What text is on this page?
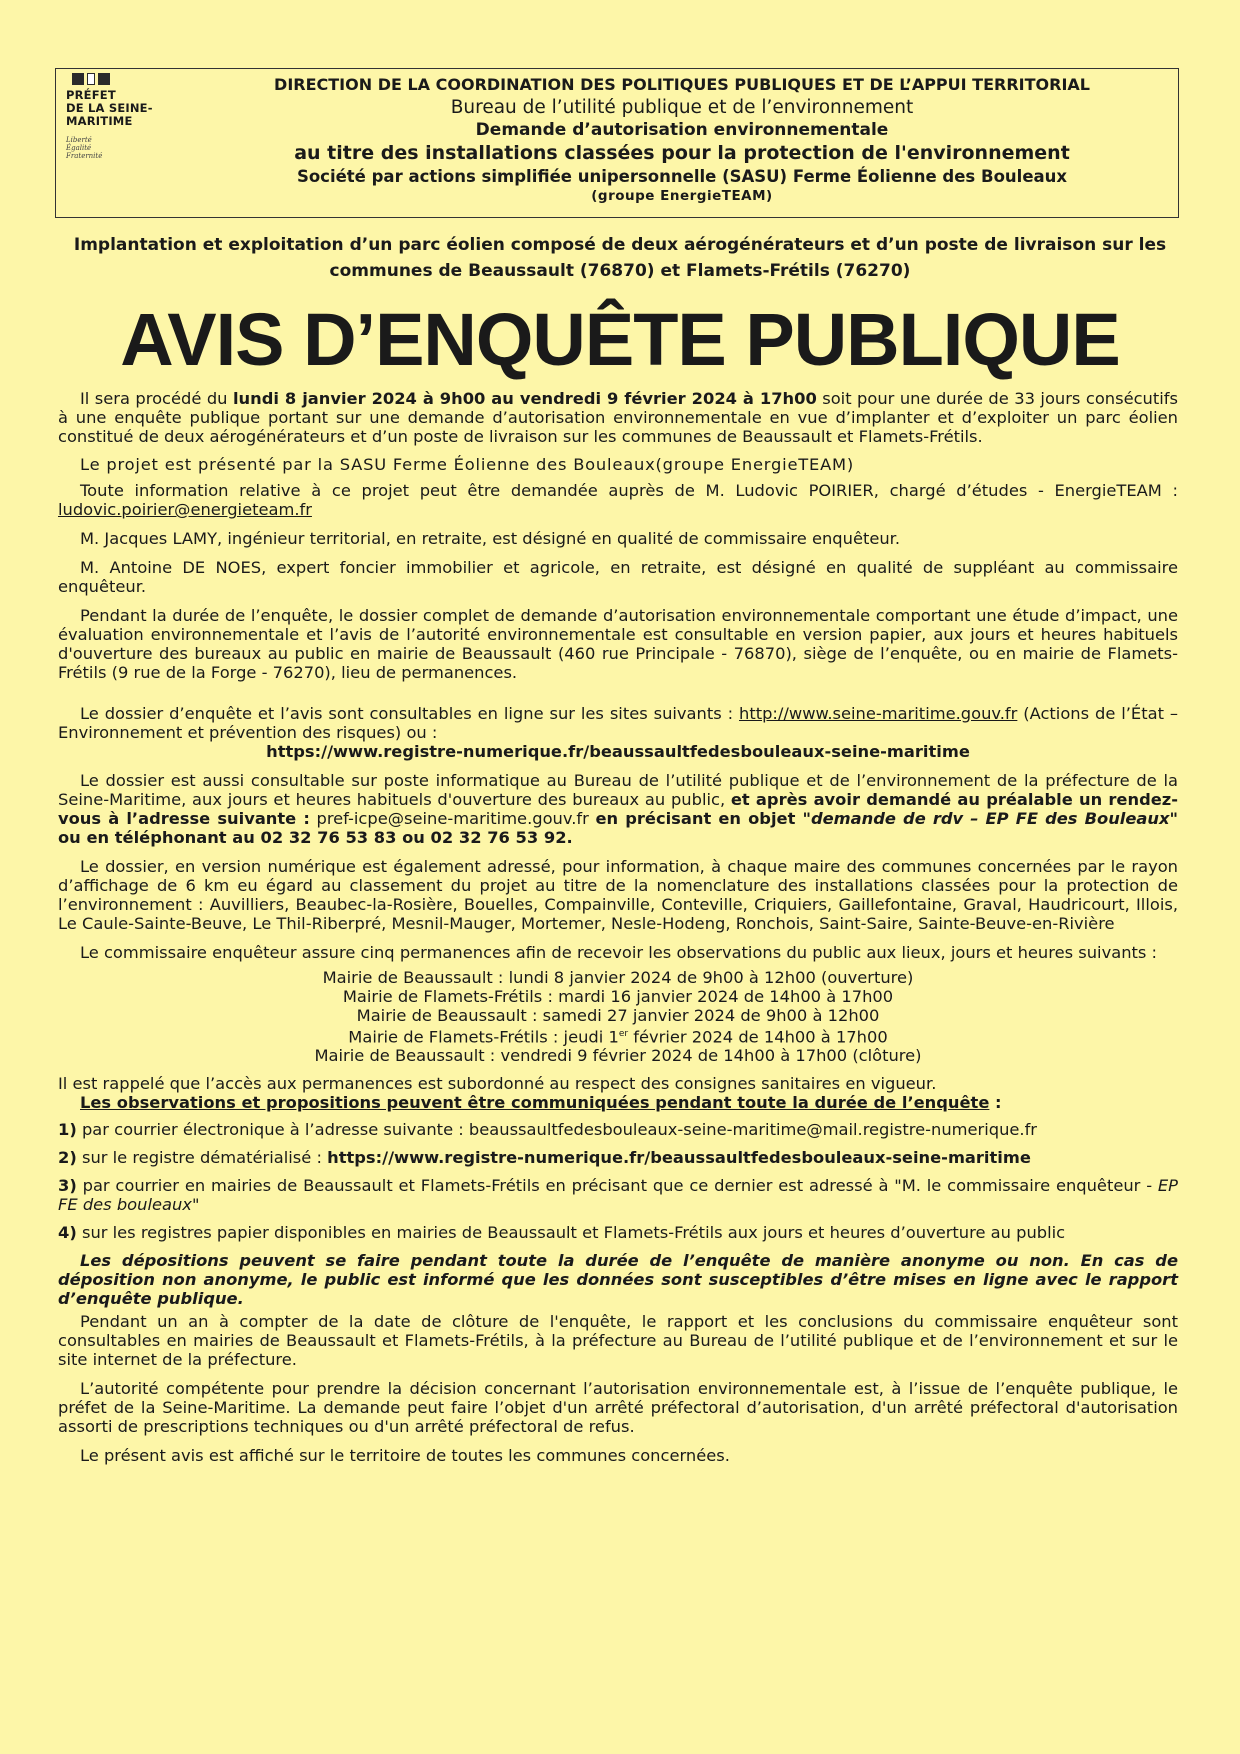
PRÉFET
DE LA SEINE-
MARITIME
Liberté
Égalité
Fraternité
DIRECTION DE LA COORDINATION DES POLITIQUES PUBLIQUES ET DE L’APPUI TERRITORIAL
Bureau de l’utilité publique et de l’environnement
Demande d’autorisation environnementale
au titre des installations classées pour la protection de l'environnement
Société par actions simplifiée unipersonnelle (SASU) Ferme Éolienne des Bouleaux
(groupe EnergieTEAM)
Implantation et exploitation d’un parc éolien composé de deux aérogénérateurs et d’un poste de livraison sur les
communes de Beaussault (76870) et Flamets-Frétils (76270)
AVIS D’ENQUÊTE PUBLIQUE

Il sera procédé du lundi 8 janvier 2024 à 9h00 au vendredi 9 février 2024 à 17h00 soit pour une durée de 33 jours consécutifs à une enquête publique portant sur une demande d’autorisation environnementale en vue d’implanter et d’exploiter un parc éolien constitué de deux aérogénérateurs et d’un poste de livraison sur les communes de Beaussault et Flamets-Frétils.

Le projet est présenté par la SASU Ferme Éolienne des Bouleaux(groupe EnergieTEAM)

Toute information relative à ce projet peut être demandée auprès de M. Ludovic POIRIER, chargé d’études - EnergieTEAM : ludovic.poirier@energieteam.fr

M. Jacques LAMY, ingénieur territorial, en retraite, est désigné en qualité de commissaire enquêteur.

M. Antoine DE NOES, expert foncier immobilier et agricole, en retraite, est désigné en qualité de suppléant au commissaire enquêteur.

Pendant la durée de l’enquête, le dossier complet de demande d’autorisation environnementale comportant une étude d’impact, une évaluation environnementale et l’avis de l’autorité environnementale est consultable en version papier, aux jours et heures habituels d'ouverture des bureaux au public en mairie de Beaussault (460 rue Principale - 76870), siège de l’enquête, ou en mairie de Flamets-Frétils (9 rue de la Forge - 76270), lieu de permanences.

Le dossier d’enquête et l’avis sont consultables en ligne sur les sites suivants : http://www.seine-maritime.gouv.fr (Actions de l’État – Environnement et prévention des risques) ou :

https://www.registre-numerique.fr/beaussaultfedesbouleaux-seine-maritime

Le dossier est aussi consultable sur poste informatique au Bureau de l’utilité publique et de l’environnement de la préfecture de la Seine-Maritime, aux jours et heures habituels d'ouverture des bureaux au public, et après avoir demandé au préalable un rendez-vous à l’adresse suivante : pref-icpe@seine-maritime.gouv.fr en précisant en objet "demande de rdv – EP FE des Bouleaux" ou en téléphonant au 02 32 76 53 83 ou 02 32 76 53 92.

Le dossier, en version numérique est également adressé, pour information, à chaque maire des communes concernées par le rayon d’affichage de 6 km eu égard au classement du projet au titre de la nomenclature des installations classées pour la protection de l’environnement : Auvilliers, Beaubec-la-Rosière, Bouelles, Compainville, Conteville, Criquiers, Gaillefontaine, Graval, Haudricourt, Illois, Le Caule-Sainte-Beuve, Le Thil-Riberpré, Mesnil-Mauger, Mortemer, Nesle-Hodeng, Ronchois, Saint-Saire, Sainte-Beuve-en-Rivière

Le commissaire enquêteur assure cinq permanences afin de recevoir les observations du public aux lieux, jours et heures suivants :

Mairie de Beaussault : lundi 8 janvier 2024 de 9h00 à 12h00 (ouverture)
Mairie de Flamets-Frétils : mardi 16 janvier 2024 de 14h00 à 17h00
Mairie de Beaussault : samedi 27 janvier 2024 de 9h00 à 12h00
Mairie de Flamets-Frétils : jeudi 1er février 2024 de 14h00 à 17h00
Mairie de Beaussault : vendredi 9 février 2024 de 14h00 à 17h00 (clôture)

Il est rappelé que l’accès aux permanences est subordonné au respect des consignes sanitaires en vigueur.

Les observations et propositions peuvent être communiquées pendant toute la durée de l’enquête :

1) par courrier électronique à l’adresse suivante : beaussaultfedesbouleaux-seine-maritime@mail.registre-numerique.fr

2) sur le registre dématérialisé : https://www.registre-numerique.fr/beaussaultfedesbouleaux-seine-maritime

3) par courrier en mairies de Beaussault et Flamets-Frétils en précisant que ce dernier est adressé à "M. le commissaire enquêteur - EP FE des bouleaux"

4) sur les registres papier disponibles en mairies de Beaussault et Flamets-Frétils aux jours et heures d’ouverture au public

Les dépositions peuvent se faire pendant toute la durée de l’enquête de manière anonyme ou non. En cas de déposition non anonyme, le public est informé que les données sont susceptibles d’être mises en ligne avec le rapport d’enquête publique.

Pendant un an à compter de la date de clôture de l'enquête, le rapport et les conclusions du commissaire enquêteur sont consultables en mairies de Beaussault et Flamets-Frétils, à la préfecture au Bureau de l’utilité publique et de l’environnement et sur le site internet de la préfecture.

L’autorité compétente pour prendre la décision concernant l’autorisation environnementale est, à l’issue de l’enquête publique, le préfet de la Seine-Maritime. La demande peut faire l’objet d'un arrêté préfectoral d’autorisation, d'un arrêté préfectoral d'autorisation assorti de prescriptions techniques ou d'un arrêté préfectoral de refus.

Le présent avis est affiché sur le territoire de toutes les communes concernées.
